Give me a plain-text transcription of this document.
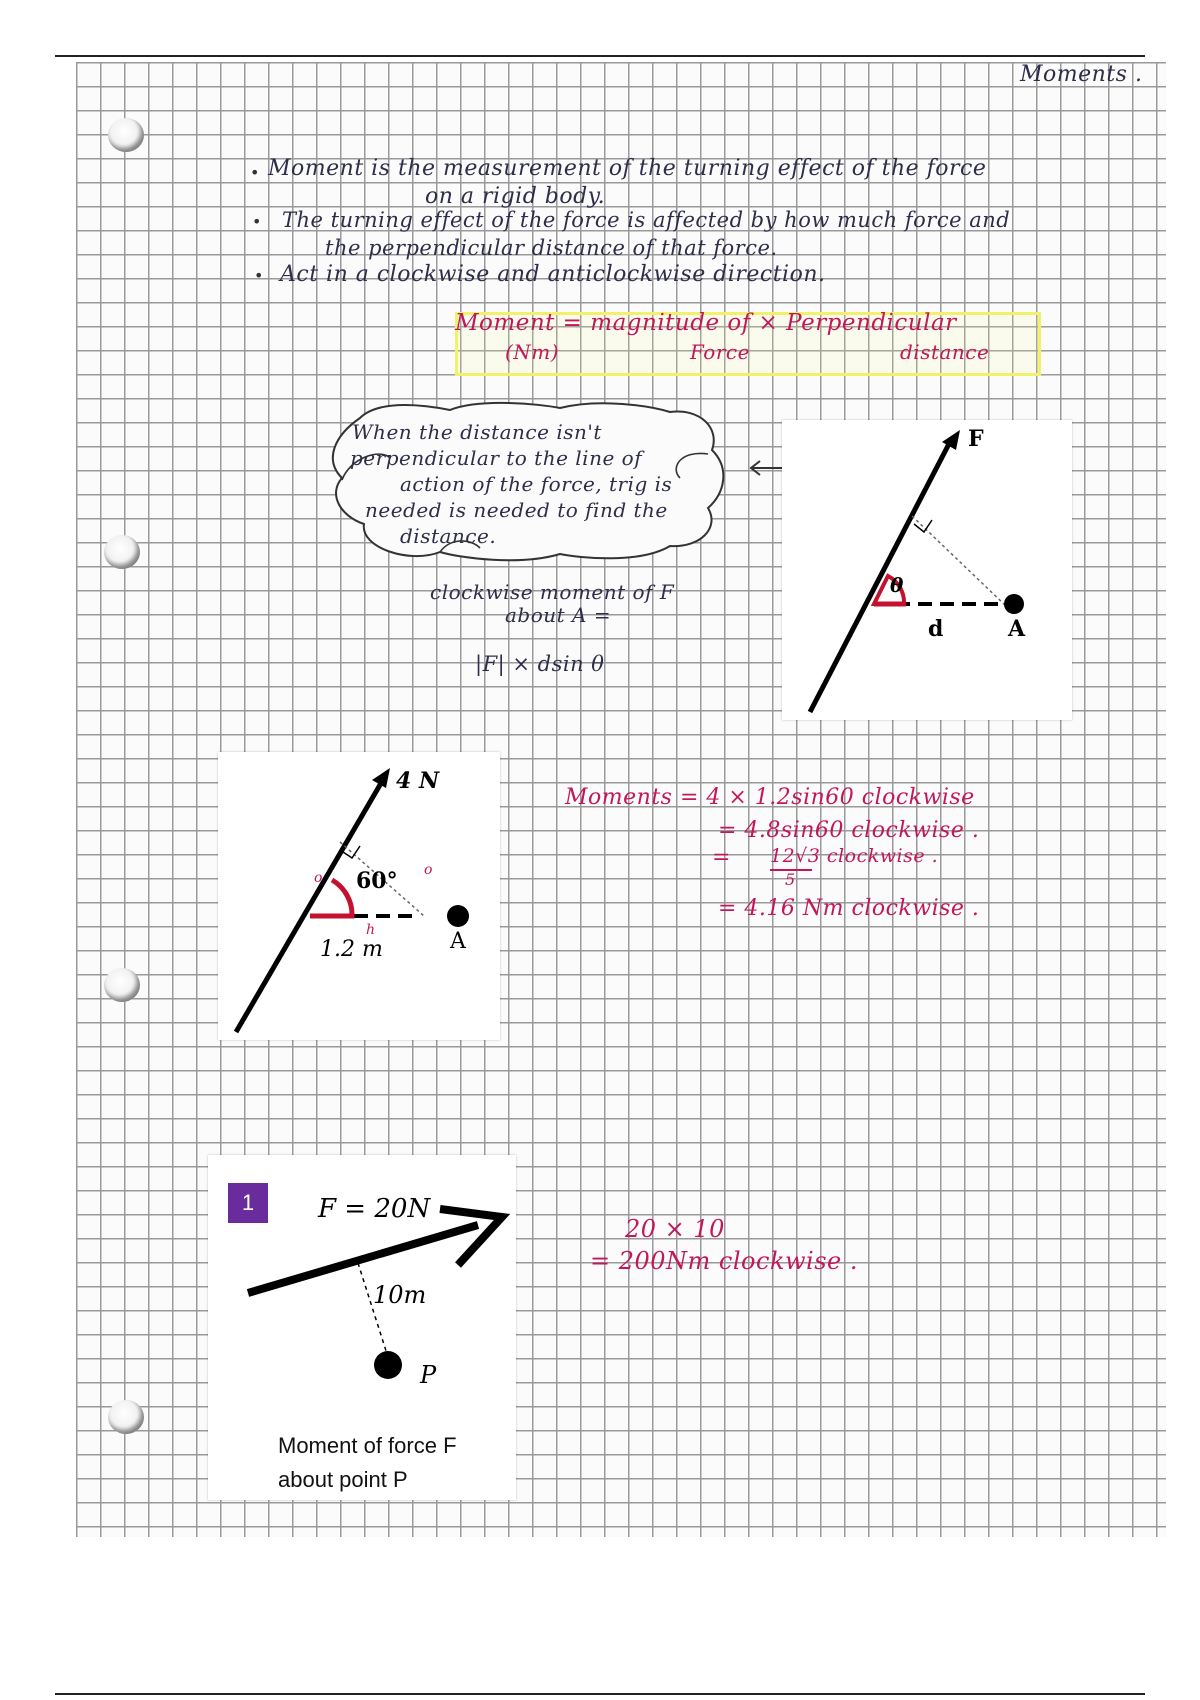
Moments .
• Moment is the measurement of the turning effect of the force
on a rigid body.
• The turning effect of the force is affected by how much force and
the perpendicular distance of that force.
• Act in a clockwise and anticlockwise direction.
Moment = magnitude of × Perpendicular
(Nm)	Force	distance
When the distance isn't
perpendicular to the line of
action of the force, trig is
needed is needed to find the
distance.
clockwise moment of F
about A =
|F| × dsin θ
F
θ
d	A
4 N
60°
1.2 m	A
o	o
h
Moments = 4 × 1.2sin60 clockwise
= 4.8sin60 clockwise .
12√3 clockwise .
5
= 4.16 Nm clockwise .
=
1	F = 20N
10m
P
Moment of force F
about point P
20 × 10
= 200Nm clockwise .
